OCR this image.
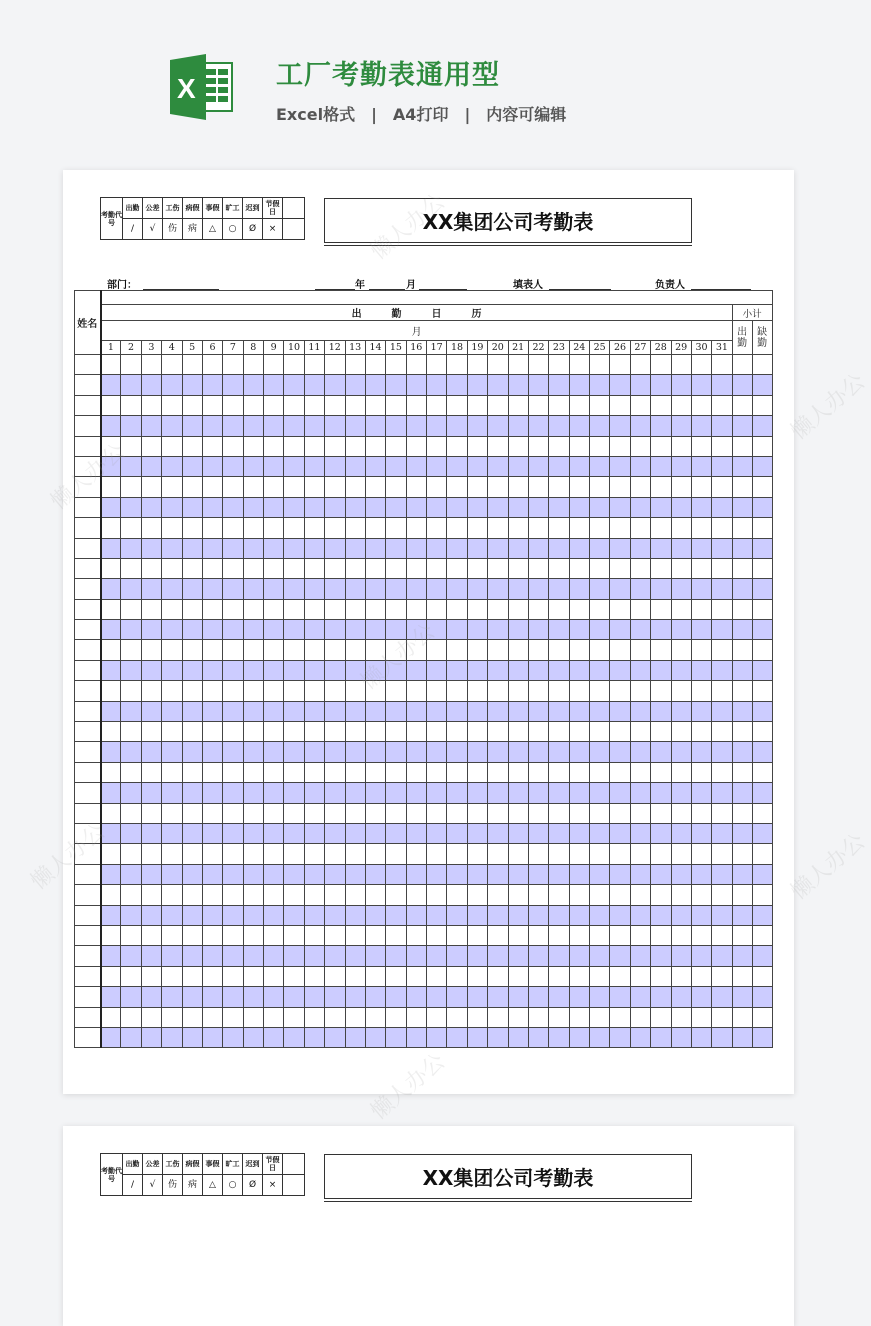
X	工厂考勤表通用型
Excel格式 | A4打印 | 内容可编辑
考勤代号	出勤	公差	工伤	病假	事假	旷工	迟到	节假日	
	/	√	伤	病	△	○	Ø	×		XX集团公司考勤表
部门：	年	月	填表人	负责人
姓名																																	
	出勤日历																															小计	
	月																															出勤	缺勤
	1	2	3	4	5	6	7	8	9	10	11	12	13	14	15	16	17	18	19	20	21	22	23	24	25	26	27	28	29	30	31		

懒人办公
懒人办公
懒人办公
懒人办公
懒人办公
懒人办公
懒人办公
考勤代号	出勤	公差	工伤	病假	事假	旷工	迟到	节假日	
	/	√	伤	病	△	○	Ø	×		XX集团公司考勤表
